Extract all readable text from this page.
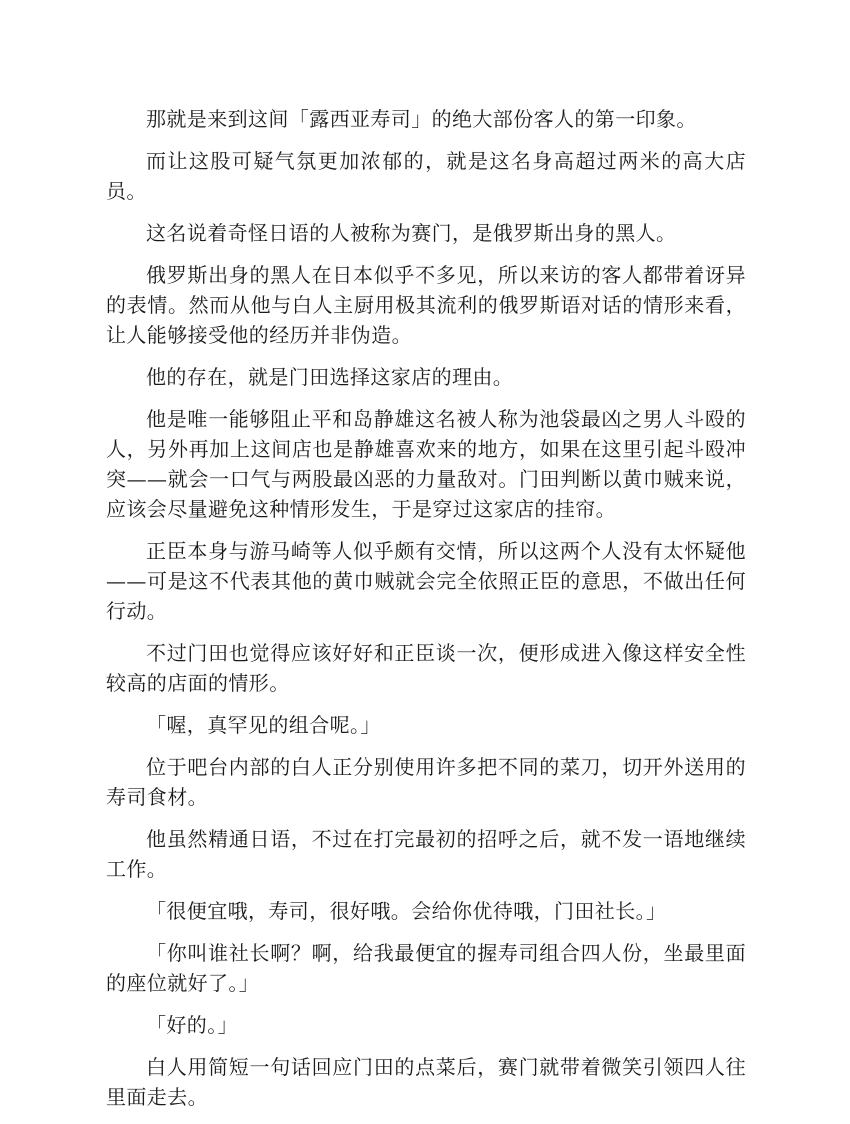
那就是来到这间「露西亚寿司」的绝大部份客人的第一印象。

而让这股可疑气氛更加浓郁的，就是这名身高超过两米的高大店员。

这名说着奇怪日语的人被称为赛门，是俄罗斯出身的黑人。

俄罗斯出身的黑人在日本似乎不多见，所以来访的客人都带着讶异的表情。然而从他与白人主厨用极其流利的俄罗斯语对话的情形来看，让人能够接受他的经历并非伪造。

他的存在，就是门田选择这家店的理由。

他是唯一能够阻止平和岛静雄这名被人称为池袋最凶之男人斗殴的人，另外再加上这间店也是静雄喜欢来的地方，如果在这里引起斗殴冲突——就会一口气与两股最凶恶的力量敌对。门田判断以黄巾贼来说，应该会尽量避免这种情形发生，于是穿过这家店的挂帘。

正臣本身与游马崎等人似乎颇有交情，所以这两个人没有太怀疑他——可是这不代表其他的黄巾贼就会完全依照正臣的意思，不做出任何行动。

不过门田也觉得应该好好和正臣谈一次，便形成进入像这样安全性较高的店面的情形。

「喔，真罕见的组合呢。」

位于吧台内部的白人正分别使用许多把不同的菜刀，切开外送用的寿司食材。

他虽然精通日语，不过在打完最初的招呼之后，就不发一语地继续工作。

「很便宜哦，寿司，很好哦。会给你优待哦，门田社长。」

「你叫谁社长啊？啊，给我最便宜的握寿司组合四人份，坐最里面的座位就好了。」

「好的。」

白人用简短一句话回应门田的点菜后，赛门就带着微笑引领四人往里面走去。
